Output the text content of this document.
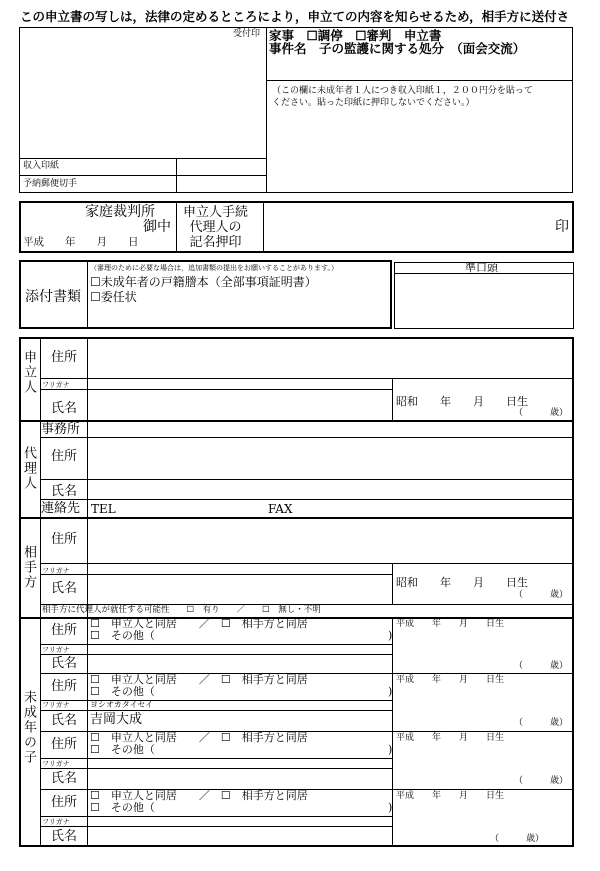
この申立書の写しは，法律の定めるところにより，申立ての内容を知らせるため，相手方に送付さ
受付印
収入印紙
予納郵便切手
家事　☐調停　☐審判　申立書
事件名　子の監護に関する処分　（面会交流）
（この欄に未成年者１人につき収入印紙１，２００円分を貼って
ください。貼った印紙に押印しないでください。）
家庭裁判所
御中
平成　　年　　月　　日
申立人手続
代理人の
記名押印
印
添付書類
（審理のために必要な場合は，追加書類の提出をお願いすることがあります。）
☐未成年者の戸籍謄本（全部事項証明書）
☐委任状
準口頭
申立人 住所
フリガナ
氏名	昭和　　年　　月　　日生
（　　　歳）
代理人
事務所
住所
氏名
連絡先 TEL	FAX
相手方
住所
フリガナ
氏名	昭和　　年　　月　　日生
（　　　歳）
相手方に代理人が就任する可能性　　☐　有り　　／　　☐　無し・不明
未成年の子
住所 ☐　申立人と同居　　／　☐　相手方と同居
☐　その他（	)
平成　　年　　月　　日生
フリガナ
氏名	（　　　歳）
住所 ☐　申立人と同居　　／　☐　相手方と同居
☐　その他（	)
平成　　年　　月　　日生
フリガナ	ヨシオカタイセイ
氏名 吉岡大成	（　　　歳）
住所 ☐　申立人と同居　　／　☐　相手方と同居
☐　その他（	)
平成　　年　　月　　日生
フリガナ
氏名	（　　　歳）
住所 ☐　申立人と同居　　／　☐　相手方と同居
☐　その他（	)
平成　　年　　月　　日生
フリガナ
氏名	（　　　歳）
